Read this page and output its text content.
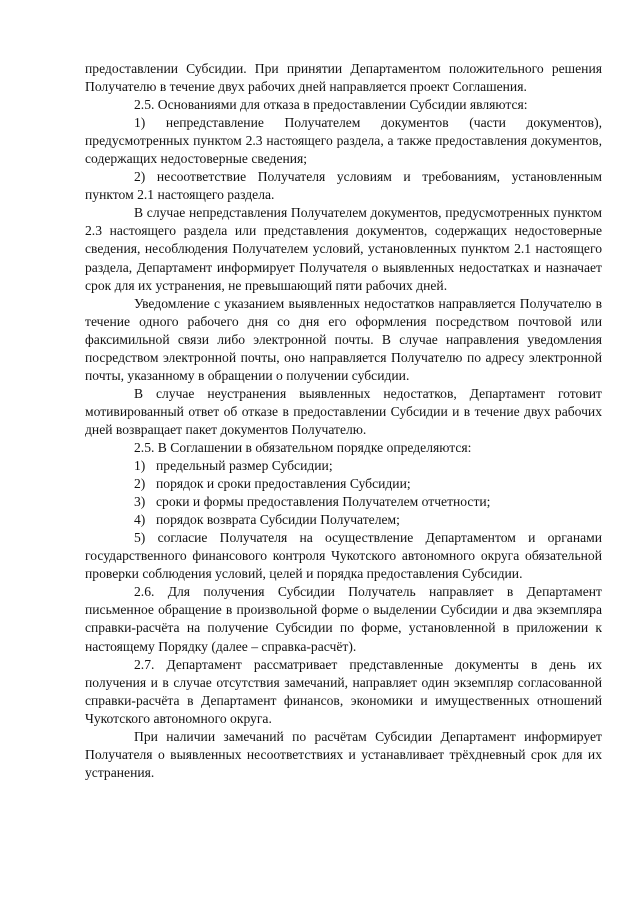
предоставлении Субсидии. При принятии Департаментом положительного решения Получателю в течение двух рабочих дней направляется проект Соглашения.

2.5. Основаниями для отказа в предоставлении Субсидии являются:

1) непредставление Получателем документов (части документов), предусмотренных пунктом 2.3 настоящего раздела, а также предоставления документов, содержащих недостоверные сведения;

2) несоответствие Получателя условиям и требованиям, установленным пунктом 2.1 настоящего раздела.

В случае непредставления Получателем документов, предусмотренных пунктом 2.3 настоящего раздела или представления документов, содержащих недостоверные сведения, несоблюдения Получателем условий, установленных пунктом 2.1 настоящего раздела, Департамент информирует Получателя о выявленных недостатках и назначает срок для их устранения, не превышающий пяти рабочих дней.

Уведомление с указанием выявленных недостатков направляется Получателю в течение одного рабочего дня со дня его оформления посредством почтовой или факсимильной связи либо электронной почты. В случае направления уведомления посредством электронной почты, оно направляется Получателю по адресу электронной почты, указанному в обращении о получении субсидии.

В случае неустранения выявленных недостатков, Департамент готовит мотивированный ответ об отказе в предоставлении Субсидии и в течение двух рабочих дней возвращает пакет документов Получателю.

2.5. В Соглашении в обязательном порядке определяются:

1) предельный размер Субсидии;

2) порядок и сроки предоставления Субсидии;

3) сроки и формы предоставления Получателем отчетности;

4) порядок возврата Субсидии Получателем;

5) согласие Получателя на осуществление Департаментом и органами государственного финансового контроля Чукотского автономного округа обязательной проверки соблюдения условий, целей и порядка предоставления Субсидии.

2.6. Для получения Субсидии Получатель направляет в Департамент письменное обращение в произвольной форме о выделении Субсидии и два экземпляра справки-расчёта на получение Субсидии по форме, установленной в приложении к настоящему Порядку (далее – справка-расчёт).

2.7. Департамент рассматривает представленные документы в день их получения и в случае отсутствия замечаний, направляет один экземпляр согласованной справки-расчёта в Департамент финансов, экономики и имущественных отношений Чукотского автономного округа.

При наличии замечаний по расчётам Субсидии Департамент информирует Получателя о выявленных несоответствиях и устанавливает трёхдневный срок для их устранения.
